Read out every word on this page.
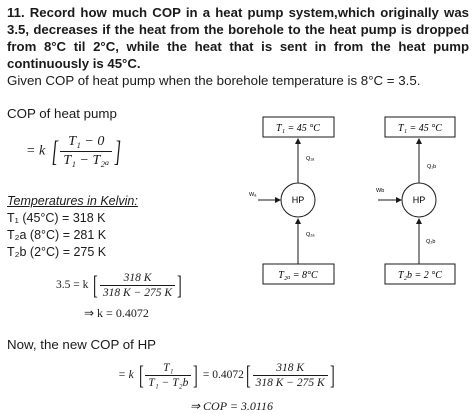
11. Record how much COP in a heat pump system,which originally was 3.5, decreases if the heat from the borehole to the heat pump is dropped from 8°C til 2°C, while the heat that is sent in from the heat pump continuously is 45°C.
Given COP of heat pump when the borehole temperature is 8°C = 3.5.
COP of heat pump
= k [ $\frac{\text{T₁ − 0}}{\text{T₁ − T₂ₐ}}$ ]
Temperatures in Kelvin:
T₁ (45°C) = 318 K
T₂a (8°C) = 281 K
T₂b (2°C) = 275 K
3.5 = k [ $\frac{318 K}{318 K - 275 K}$ ]
⇒ k = 0.4072
Now, the new COP of HP
= k [ $\frac{\text{T₁}}{\text{T₁ − T₂b}}$ ] = $0.4072[ \frac{318 K}{318 K - 275 K}$ ]
⇒ COP = 3.0116
T₁ = 45 °C
Q₁ₐ
HP
Wₐ
Q₂ₐ
T₂ₐ = 8°C
T₁ = 45 °C
Q₁b
HP
Wb
Q₂b
T₂b = 2 °C
